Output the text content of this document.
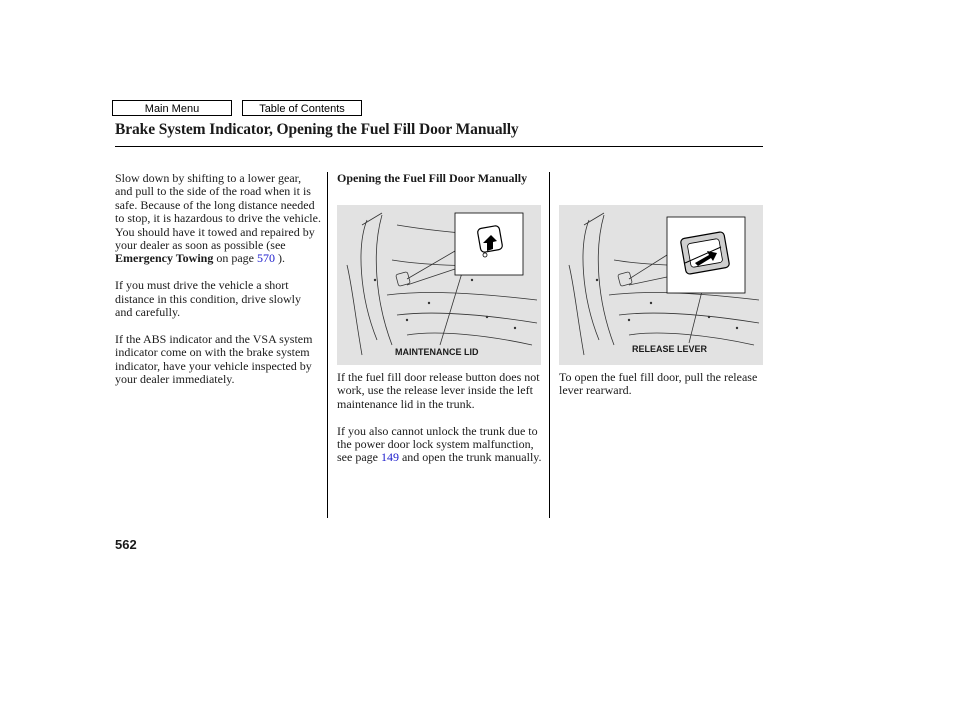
Main Menu	Table of Contents
Brake System Indicator, Opening the Fuel Fill Door Manually

Slow down by shifting to a lower gear, and pull to the side of the road when it is safe. Because of the long distance needed to stop, it is hazardous to drive the vehicle. You should have it towed and repaired by your dealer as soon as possible (see Emergency Towing on page 570 ).

If you must drive the vehicle a short distance in this condition, drive slowly and carefully.

If the ABS indicator and the VSA system indicator come on with the brake system indicator, have your vehicle inspected by your dealer immediately.

Opening the Fuel Fill Door Manually
MAINTENANCE LID

If the fuel fill door release button does not work, use the release lever inside the left maintenance lid in the trunk.

If you also cannot unlock the trunk due to the power door lock system malfunction, see page 149 and open the trunk manually.

RELEASE LEVER

To open the fuel fill door, pull the release lever rearward.

562
